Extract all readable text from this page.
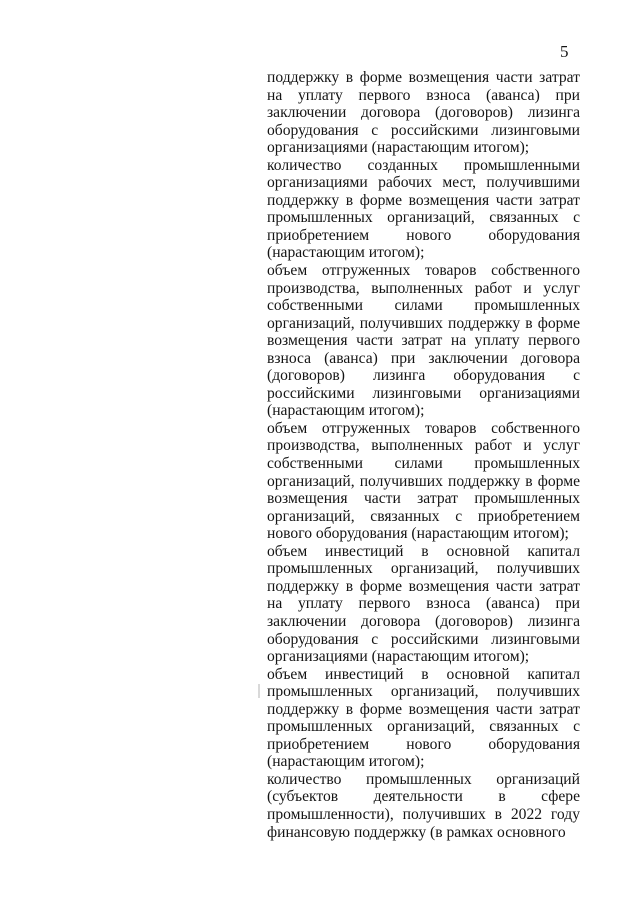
5

поддержку в форме возмещения части затрат на уплату первого взноса (аванса) при заключении договора (договоров) лизинга оборудования с российскими лизинговыми организациями (нарастающим итогом);

количество созданных промышленными организациями рабочих мест, получившими поддержку в форме возмещения части затрат промышленных организаций, связанных с приобретением нового оборудования (нарастающим итогом);

объем отгруженных товаров собственного производства, выполненных работ и услуг собственными силами промышленных организаций, получивших поддержку в форме возмещения части затрат на уплату первого взноса (аванса) при заключении договора (договоров) лизинга оборудования с российскими лизинговыми организациями (нарастающим итогом);

объем отгруженных товаров собственного производства, выполненных работ и услуг собственными силами промышленных организаций, получивших поддержку в форме возмещения части затрат промышленных организаций, связанных с приобретением нового оборудования (нарастающим итогом);

объем инвестиций в основной капитал промышленных организаций, получивших поддержку в форме возмещения части затрат на уплату первого взноса (аванса) при заключении договора (договоров) лизинга оборудования с российскими лизинговыми организациями (нарастающим итогом);

объем инвестиций в основной капитал промышленных организаций, получивших поддержку в форме возмещения части затрат промышленных организаций, связанных с приобретением нового оборудования (нарастающим итогом);

количество промышленных организаций (субъектов деятельности в сфере промышленности), получивших в 2022 году финансовую поддержку (в рамках основного
